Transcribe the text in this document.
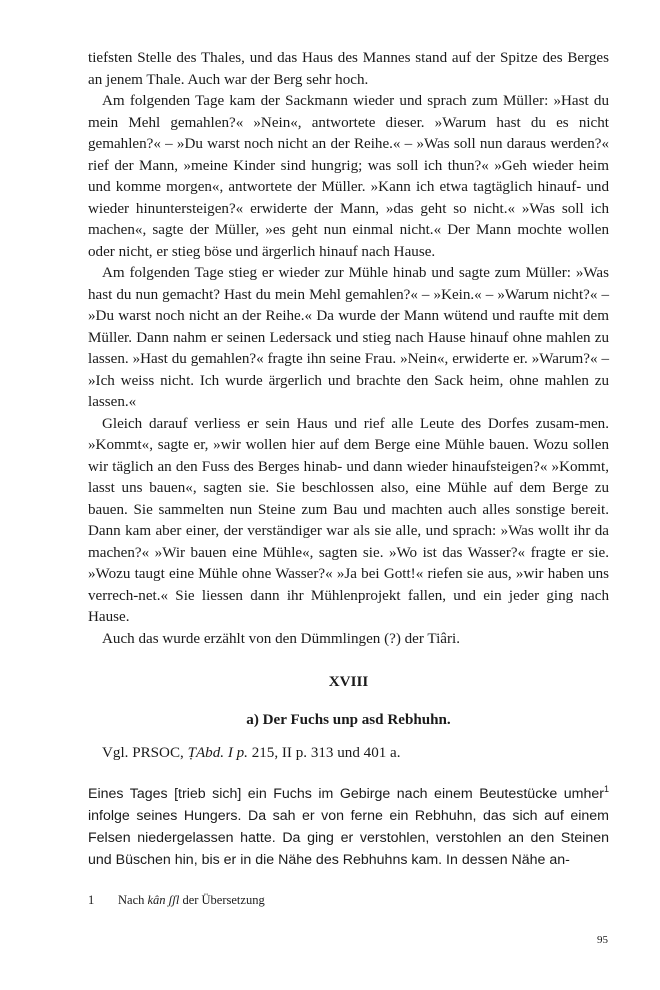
tiefsten Stelle des Thales, und das Haus des Mannes stand auf der Spitze des Berges an jenem Thale. Auch war der Berg sehr hoch.

Am folgenden Tage kam der Sackmann wieder und sprach zum Müller: »Hast du mein Mehl gemahlen?« »Nein«, antwortete dieser. »Warum hast du es nicht gemahlen?« – »Du warst noch nicht an der Reihe.« – »Was soll nun daraus werden?« rief der Mann, »meine Kinder sind hungrig; was soll ich thun?« »Geh wieder heim und komme morgen«, antwortete der Müller. »Kann ich etwa tagtäglich hinauf- und wieder hinuntersteigen?« erwiderte der Mann, »das geht so nicht.« »Was soll ich machen«, sagte der Müller, »es geht nun einmal nicht.« Der Mann mochte wollen oder nicht, er stieg böse und ärgerlich hinauf nach Hause.

Am folgenden Tage stieg er wieder zur Mühle hinab und sagte zum Müller: »Was hast du nun gemacht? Hast du mein Mehl gemahlen?« – »Kein.« – »Warum nicht?« – »Du warst noch nicht an der Reihe.« Da wurde der Mann wütend und raufte mit dem Müller. Dann nahm er seinen Ledersack und stieg nach Hause hinauf ohne mahlen zu lassen. »Hast du gemahlen?« fragte ihn seine Frau. »Nein«, erwiderte er. »Warum?« – »Ich weiss nicht. Ich wurde ärgerlich und brachte den Sack heim, ohne mahlen zu lassen.«

Gleich darauf verliess er sein Haus und rief alle Leute des Dorfes zusam-men. »Kommt«, sagte er, »wir wollen hier auf dem Berge eine Mühle bauen. Wozu sollen wir täglich an den Fuss des Berges hinab- und dann wieder hinaufsteigen?« »Kommt, lasst uns bauen«, sagten sie. Sie beschlossen also, eine Mühle auf dem Berge zu bauen. Sie sammelten nun Steine zum Bau und machten auch alles sonstige bereit. Dann kam aber einer, der verständiger war als sie alle, und sprach: »Was wollt ihr da machen?« »Wir bauen eine Mühle«, sagten sie. »Wo ist das Wasser?« fragte er sie. »Wozu taugt eine Mühle ohne Wasser?« »Ja bei Gott!« riefen sie aus, »wir haben uns verrech-net.« Sie liessen dann ihr Mühlenprojekt fallen, und ein jeder ging nach Hause.

Auch das wurde erzählt von den Dümmlingen (?) der Tiâri.

XVIII

a) Der Fuchs unp asd Rebhuhn.

Vgl. PRSOC, ṬAbd. I p. 215, II p. 313 und 401 a.

Eines Tages [trieb sich] ein Fuchs im Gebirge nach einem Beutestücke umher$^1$ infolge seines Hungers. Da sah er von ferne ein Rebhuhn, das sich auf einem Felsen niedergelassen hatte. Da ging er verstohlen, verstohlen an den Steinen und Büschen hin, bis er in die Nähe des Rebhuhns kam. In dessen Nähe an-

1 Nach kân ʃʃl der Übersetzung
95
